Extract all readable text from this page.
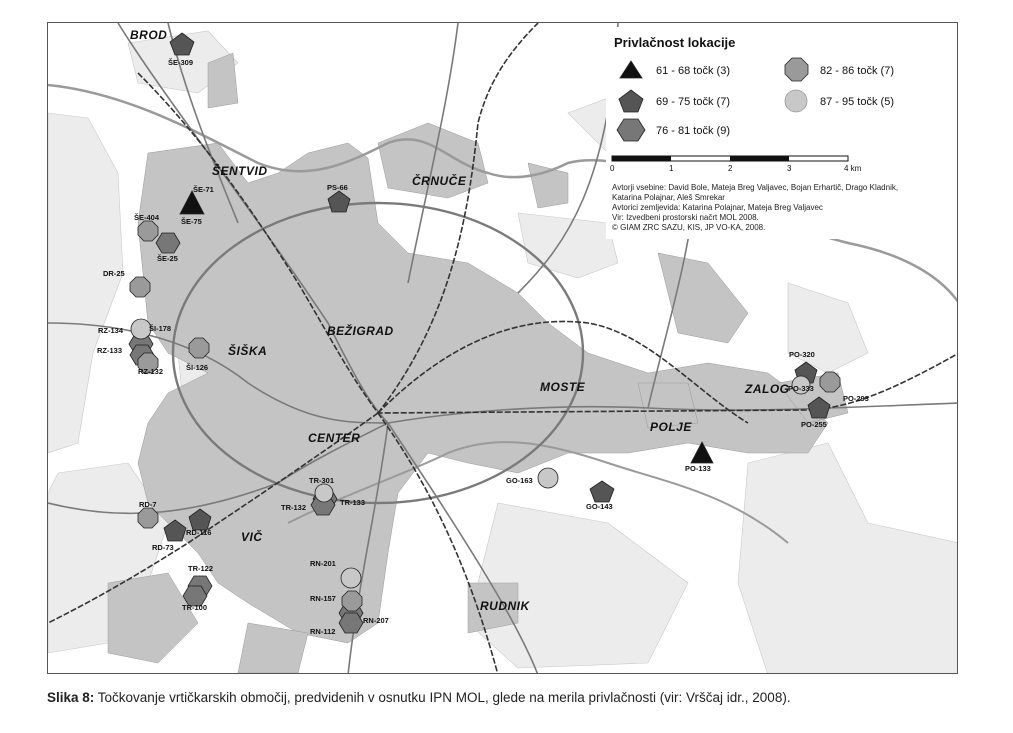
BROD
ŠENTVID
ČRNUČE
BEŽIGRAD
ŠIŠKA
CENTER
MOSTE	ZALOG
POLJE
VIČ
RUDNIK
ŠE-309
ŠE-71
ŠE-75
PS-66
ŠE-404
ŠE-25
DR-25
RZ-134	ŠI-178
RZ-133
RZ-132	ŠI-126
PO-320
PO-333
PO-293
PO-255
PO-133
TR-301
TR-132
TR-133
GO-163
GO-143
RD-7
RD-116
RD-73
TR-122
TR-100
RN-201
RN-157
RN-207
RN-112
Privlačnost lokacije
61 - 68 točk (3)
69 - 75 točk (7)
76 - 81 točk (9)
82 - 86 točk (7)
87 - 95 točk (5)
0	1	2	3	4 km
Avtorji vsebine: David Bole, Mateja Breg Valjavec, Bojan Erhartič, Drago Kladnik,
Katarina Polajnar, Aleš Smrekar
Avtorici zemljevida: Katarina Polajnar, Mateja Breg Valjavec
Vir: Izvedbeni prostorski načrt MOL 2008.
© GIAM ZRC SAZU, KIS, JP VO-KA, 2008.
Slika 8: Točkovanje vrtičkarskih območij, predvidenih v osnutku IPN MOL, glede na merila privlačnosti (vir: Vrščaj idr., 2008).
